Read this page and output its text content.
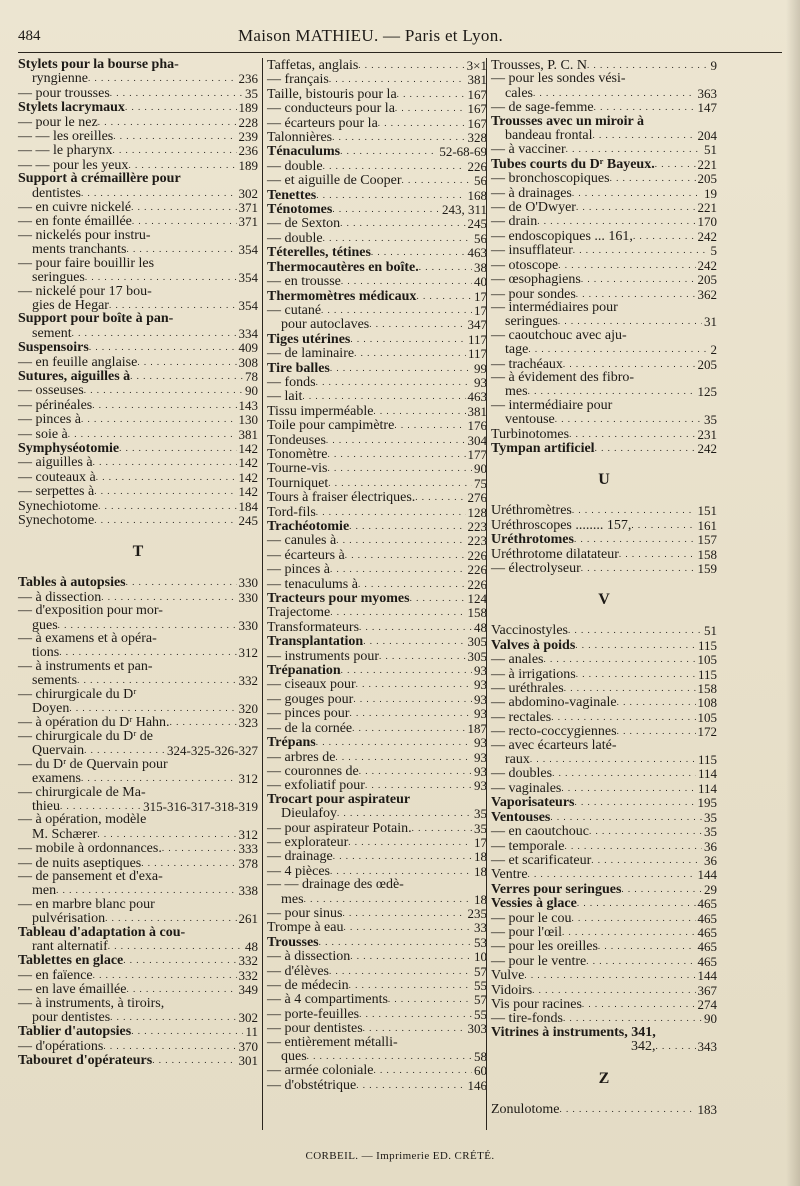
484	Maison MATHIEU. — Paris et Lyon.
Stylets pour la bourse pha-
ryngienne . . .	236
— pour trousses . . .	35
Stylets lacrymaux . . .	189
— pour le nez . . .	228
— — les oreilles . . .	239
— — le pharynx . . .	236
— — pour les yeux . . .	189
Support à crémaillère pour
dentistes . . .	302
— en cuivre nickelé . . .	371
— en fonte émaillée . . .	371
— nickelés pour instru-
ments tranchants . . .	354
— pour faire bouillir les
seringues . . .	354
— nickelé pour 17 bou-
gies de Hegar . . .	354
Support pour boîte à pan-
sement . . .	334
Suspensoirs . . .	409
— en feuille anglaise . . .	308
Sutures, aiguilles à . . .	78
— osseuses . . .	90
— périnéales . . .	143
— pinces à . . .	130
— soie à . . .	381
Symphyséotomie . . .	142
— aiguilles à . . .	142
— couteaux à . . .	142
— serpettes à . . .	142
Synechiotome . . .	184
Synechotome . . .	245
T
Tables à autopsies . . .	330
— à dissection . . .	330
— d'exposition pour mor-
gues . . .	330
— à examens et à opéra-
tions . . .	312
— à instruments et pan-
sements . . .	332
— chirurgicale du Dʳ
Doyen . . .	320
— à opération du Dʳ Hahn. . . .	323
— chirurgicale du Dʳ de
Quervain . . .	324-325-326-327
— du Dʳ de Quervain pour
examens . . .	312
— chirurgicale de Ma-
thieu . . .	315-316-317-318-319
— à opération, modèle
M. Schærer . . .	312
— mobile à ordonnances. . . .	333
— de nuits aseptiques . . .	378
— de pansement et d'exa-
men . . .	338
— en marbre blanc pour
pulvérisation . . .	261
Tableau d'adaptation à cou-
rant alternatif . . .	48
Tablettes en glace . . .	332
— en faïence . . .	332
— en lave émaillée . . .	349
— à instruments, à tiroirs,
pour dentistes . . .	302
Tablier d'autopsies . . .	11
— d'opérations . . .	370
Tabouret d'opérateurs . . .	301
Taffetas, anglais . . .	3×1
— français . . .	381
Taille, bistouris pour la . . .	167
— conducteurs pour la . . .	167
— écarteurs pour la . . .	167
Talonnières . . .	328
Ténaculums . . .	52-68-69
— double . . .	226
— et aiguille de Cooper . . .	56
Tenettes . . .	168
Ténotomes . . .	243, 311
— de Sexton . . .	245
— double . . .	56
Téterelles, tétines . . .	463
Thermocautères en boîte. . . .	38
— en trousse . . .	40
Thermomètres médicaux . . .	17
— cutané . . .	17
pour autoclaves . . .	347
Tiges utérines . . .	117
— de laminaire . . .	117
Tire balles . . .	99
— fonds . . .	93
— lait . . .	463
Tissu imperméable . . .	381
Toile pour campimètre . . .	176
Tondeuses . . .	304
Tonomètre . . .	177
Tourne-vis . . .	90
Tourniquet . . .	75
Tours à fraiser électriques. . . .	276
Tord-fils . . .	128
Trachéotomie . . .	223
— canules à . . .	223
— écarteurs à . . .	226
— pinces à . . .	226
— tenaculums à . . .	226
Tracteurs pour myomes . . .	124
Trajectome . . .	158
Transformateurs . . .	48
Transplantation . . .	305
— instruments pour . . .	305
Trépanation . . .	93
— ciseaux pour . . .	93
— gouges pour . . .	93
— pinces pour . . .	93
— de la cornée . . .	187
Trépans . . .	93
— arbres de . . .	93
— couronnes de . . .	93
— exfoliatif pour . . .	93
Trocart pour aspirateur
Dieulafoy . . .	35
— pour aspirateur Potain. . . .	35
— explorateur . . .	17
— drainage . . .	18
— 4 pièces . . .	18
— — drainage des œdè-
mes . . .	18
— pour sinus . . .	235
Trompe à eau . . .	33
Trousses . . .	53
— à dissection . . .	10
— d'élèves . . .	57
— de médecin . . .	55
— à 4 compartiments . . .	57
— porte-feuilles . . .	55
— pour dentistes . . .	303
— entièrement métalli-
ques . . .	58
— armée coloniale . . .	60
— d'obstétrique . . .	146
Trousses, P. C. N . . .	9
— pour les sondes vési-
cales . . .	363
— de sage-femme . . .	147
Trousses avec un miroir à
bandeau frontal . . .	204
— à vacciner . . .	51
Tubes courts du Dʳ Bayeux. . . .	221
— bronchoscopiques . . .	205
— à drainages . . .	19
— de O'Dwyer . . .	221
— drain . . .	170
— endoscopiques ... 161, . . .	242
— insufflateur . . .	5
— otoscope . . .	242
— œsophagiens . . .	205
— pour sondes . . .	362
— intermédiaires pour
seringues . . .	31
— caoutchouc avec aju-
tage . . .	2
— trachéaux . . .	205
— à évidement des fibro-
mes . . .	125
— intermédiaire pour
ventouse . . .	35
Turbinotomes . . .	231
Tympan artificiel . . .	242
U
Uréthromètres . . .	151
Uréthroscopes ........ 157, . . .	161
Uréthrotomes . . .	157
Uréthrotome dilatateur . . .	158
— électrolyseur . . .	159
V
Vaccinostyles . . .	51
Valves à poids . . .	115
— anales . . .	105
— à irrigations . . .	115
— uréthrales . . .	158
— abdomino-vaginale . . .	108
— rectales . . .	105
— recto-coccygiennes . . .	172
— avec écarteurs laté-
raux . . .	115
— doubles . . .	114
— vaginales . . .	114
Vaporisateurs . . .	195
Ventouses . . .	35
— en caoutchouc . . .	35
— temporale . . .	36
— et scarificateur . . .	36
Ventre . . .	144
Verres pour seringues . . .	29
Vessies à glace . . .	465
— pour le cou . . .	465
— pour l'œil . . .	465
— pour les oreilles . . .	465
— pour le ventre . . .	465
Vulve . . .	144
Vidoirs . . .	367
Vis pour racines . . .	274
— tire-fonds . . .	90
Vitrines à instruments, 341,
342, . . .	343
Z
Zonulotome . . .	183
CORBEIL. — Imprimerie ED. CRÉTÉ.
